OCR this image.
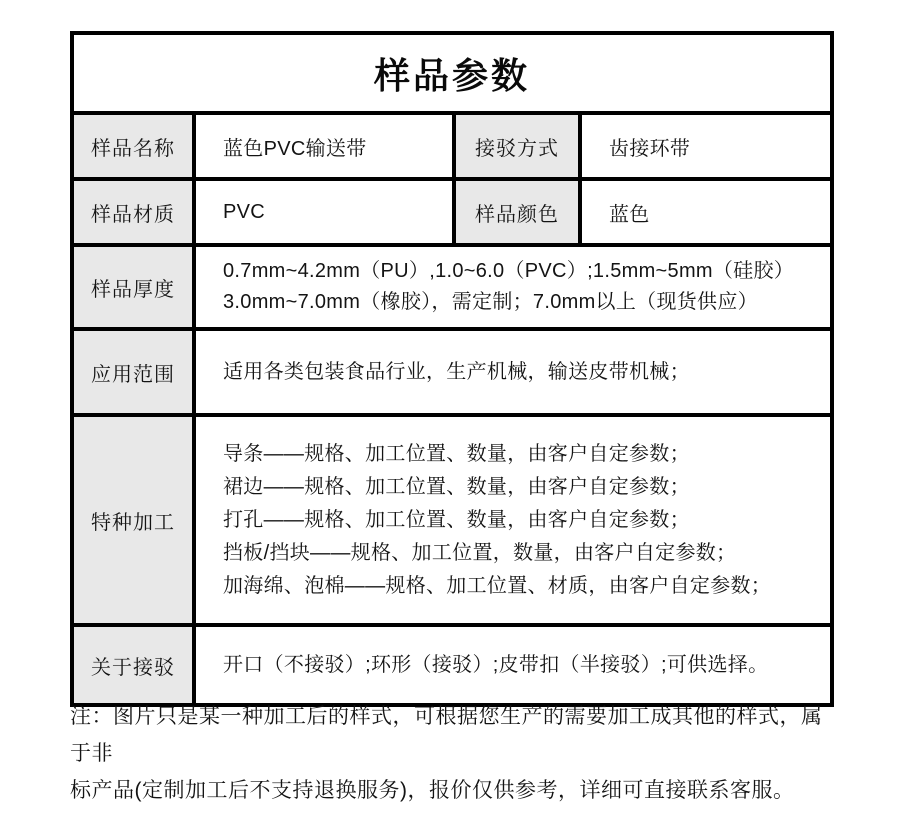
样品参数			
样品名称	蓝色PVC输送带	接驳方式	齿接环带
样品材质	PVC	样品颜色	蓝色
样品厚度	0.7mm~4.2mm（PU）,1.0~6.0（PVC）;1.5mm~5mm（硅胶）
3.0mm~7.0mm（橡胶），需定制；7.0mm以上（现货供应）		

应用范围	适用各类包装食品行业，生产机械，输送皮带机械；		

特种加工	导条——规格、加工位置、数量，由客户自定参数；
裙边——规格、加工位置、数量，由客户自定参数；
打孔——规格、加工位置、数量，由客户自定参数；
挡板/挡块——规格、加工位置，数量，由客户自定参数；
加海绵、泡棉——规格、加工位置、材质，由客户自定参数；		

关于接驳	开口（不接驳）;环形（接驳）;皮带扣（半接驳）;可供选择。		
注：图片只是某一种加工后的样式，可根据您生产的需要加工成其他的样式，属于非
标产品(定制加工后不支持退换服务)，报价仅供参考，详细可直接联系客服。
